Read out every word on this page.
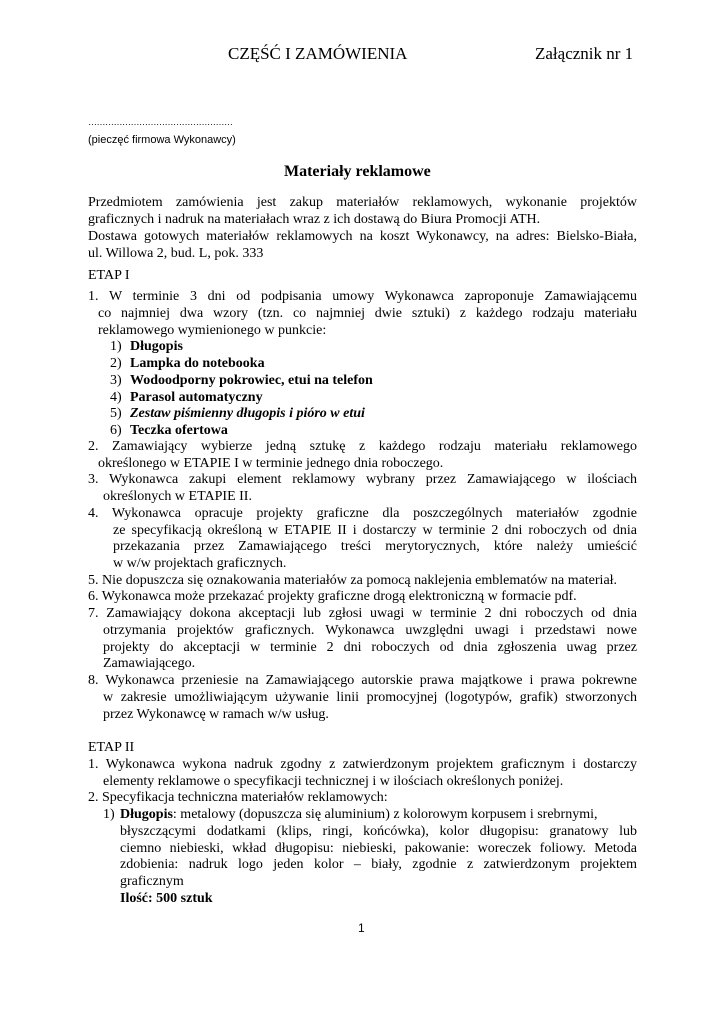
CZĘŚĆ I ZAMÓWIENIA	Załącznik nr 1
……………………………………………
(pieczęć firmowa Wykonawcy)
Materiały reklamowe
Przedmiotem zamówienia jest zakup materiałów reklamowych, wykonanie projektów
graficznych i nadruk na materiałach wraz z ich dostawą do Biura Promocji ATH.
Dostawa gotowych materiałów reklamowych na koszt Wykonawcy, na adres: Bielsko-Biała,
ul. Willowa 2, bud. L, pok. 333
ETAP I
1. W terminie 3 dni od podpisania umowy Wykonawca zaproponuje Zamawiającemu
co najmniej dwa wzory (tzn. co najmniej dwie sztuki) z każdego rodzaju materiału
reklamowego wymienionego w punkcie:
1) Długopis
2) Lampka do notebooka
3) Wodoodporny pokrowiec, etui na telefon
4) Parasol automatyczny
5) Zestaw piśmienny długopis i pióro w etui
6) Teczka ofertowa
2. Zamawiający wybierze jedną sztukę z każdego rodzaju materiału reklamowego
określonego w ETAPIE I w terminie jednego dnia roboczego.
3. Wykonawca zakupi element reklamowy wybrany przez Zamawiającego w ilościach
określonych w ETAPIE II.
4. Wykonawca opracuje projekty graficzne dla poszczególnych materiałów zgodnie
ze specyfikacją określoną w ETAPIE II i dostarczy w terminie 2 dni roboczych od dnia
przekazania przez Zamawiającego treści merytorycznych, które należy umieścić
w w/w projektach graficznych.
5. Nie dopuszcza się oznakowania materiałów za pomocą naklejenia emblematów na materiał.
6. Wykonawca może przekazać projekty graficzne drogą elektroniczną w formacie pdf.
7. Zamawiający dokona akceptacji lub zgłosi uwagi w terminie 2 dni roboczych od dnia
otrzymania projektów graficznych. Wykonawca uwzględni uwagi i przedstawi nowe
projekty do akceptacji w terminie 2 dni roboczych od dnia zgłoszenia uwag przez
Zamawiającego.
8. Wykonawca przeniesie na Zamawiającego autorskie prawa majątkowe i prawa pokrewne
w zakresie umożliwiającym używanie linii promocyjnej (logotypów, grafik) stworzonych
przez Wykonawcę w ramach w/w usług.
ETAP II
1. Wykonawca wykona nadruk zgodny z zatwierdzonym projektem graficznym i dostarczy
elementy reklamowe o specyfikacji technicznej i w ilościach określonych poniżej.
2. Specyfikacja techniczna materiałów reklamowych:
1) Długopis: metalowy (dopuszcza się aluminium) z kolorowym korpusem i srebrnymi,
błyszczącymi dodatkami (klips, ringi, końcówka), kolor długopisu: granatowy lub
ciemno niebieski, wkład długopisu: niebieski, pakowanie: woreczek foliowy. Metoda
zdobienia: nadruk logo jeden kolor – biały, zgodnie z zatwierdzonym projektem
graficznym
Ilość: 500 sztuk
1
